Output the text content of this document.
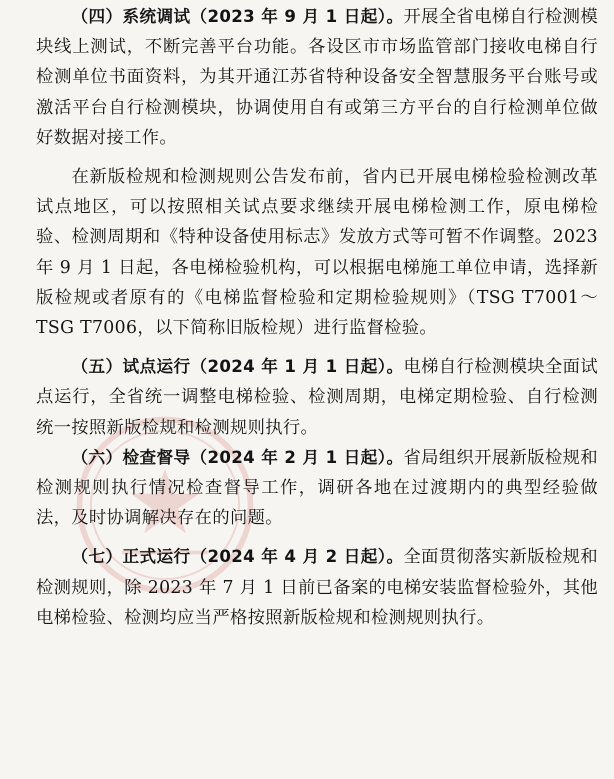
（四）系统调试（2023 年 9 月 1 日起）。开展全省电梯自行检测模块线上测试，不断完善平台功能。各设区市市场监管部门接收电梯自行检测单位书面资料，为其开通江苏省特种设备安全智慧服务平台账号或激活平台自行检测模块，协调使用自有或第三方平台的自行检测单位做好数据对接工作。

在新版检规和检测规则公告发布前，省内已开展电梯检验检测改革试点地区，可以按照相关试点要求继续开展电梯检测工作，原电梯检验、检测周期和《特种设备使用标志》发放方式等可暂不作调整。2023 年 9 月 1 日起，各电梯检验机构，可以根据电梯施工单位申请，选择新版检规或者原有的《电梯监督检验和定期检验规则》（TSG T7001～TSG T7006，以下简称旧版检规）进行监督检验。

（五）试点运行（2024 年 1 月 1 日起）。电梯自行检测模块全面试点运行，全省统一调整电梯检验、检测周期，电梯定期检验、自行检测统一按照新版检规和检测规则执行。

（六）检查督导（2024 年 2 月 1 日起）。省局组织开展新版检规和检测规则执行情况检查督导工作，调研各地在过渡期内的典型经验做法，及时协调解决存在的问题。

（七）正式运行（2024 年 4 月 2 日起）。全面贯彻落实新版检规和检测规则，除 2023 年 7 月 1 日前已备案的电梯安装监督检验外，其他电梯检验、检测均应当严格按照新版检规和检测规则执行。
